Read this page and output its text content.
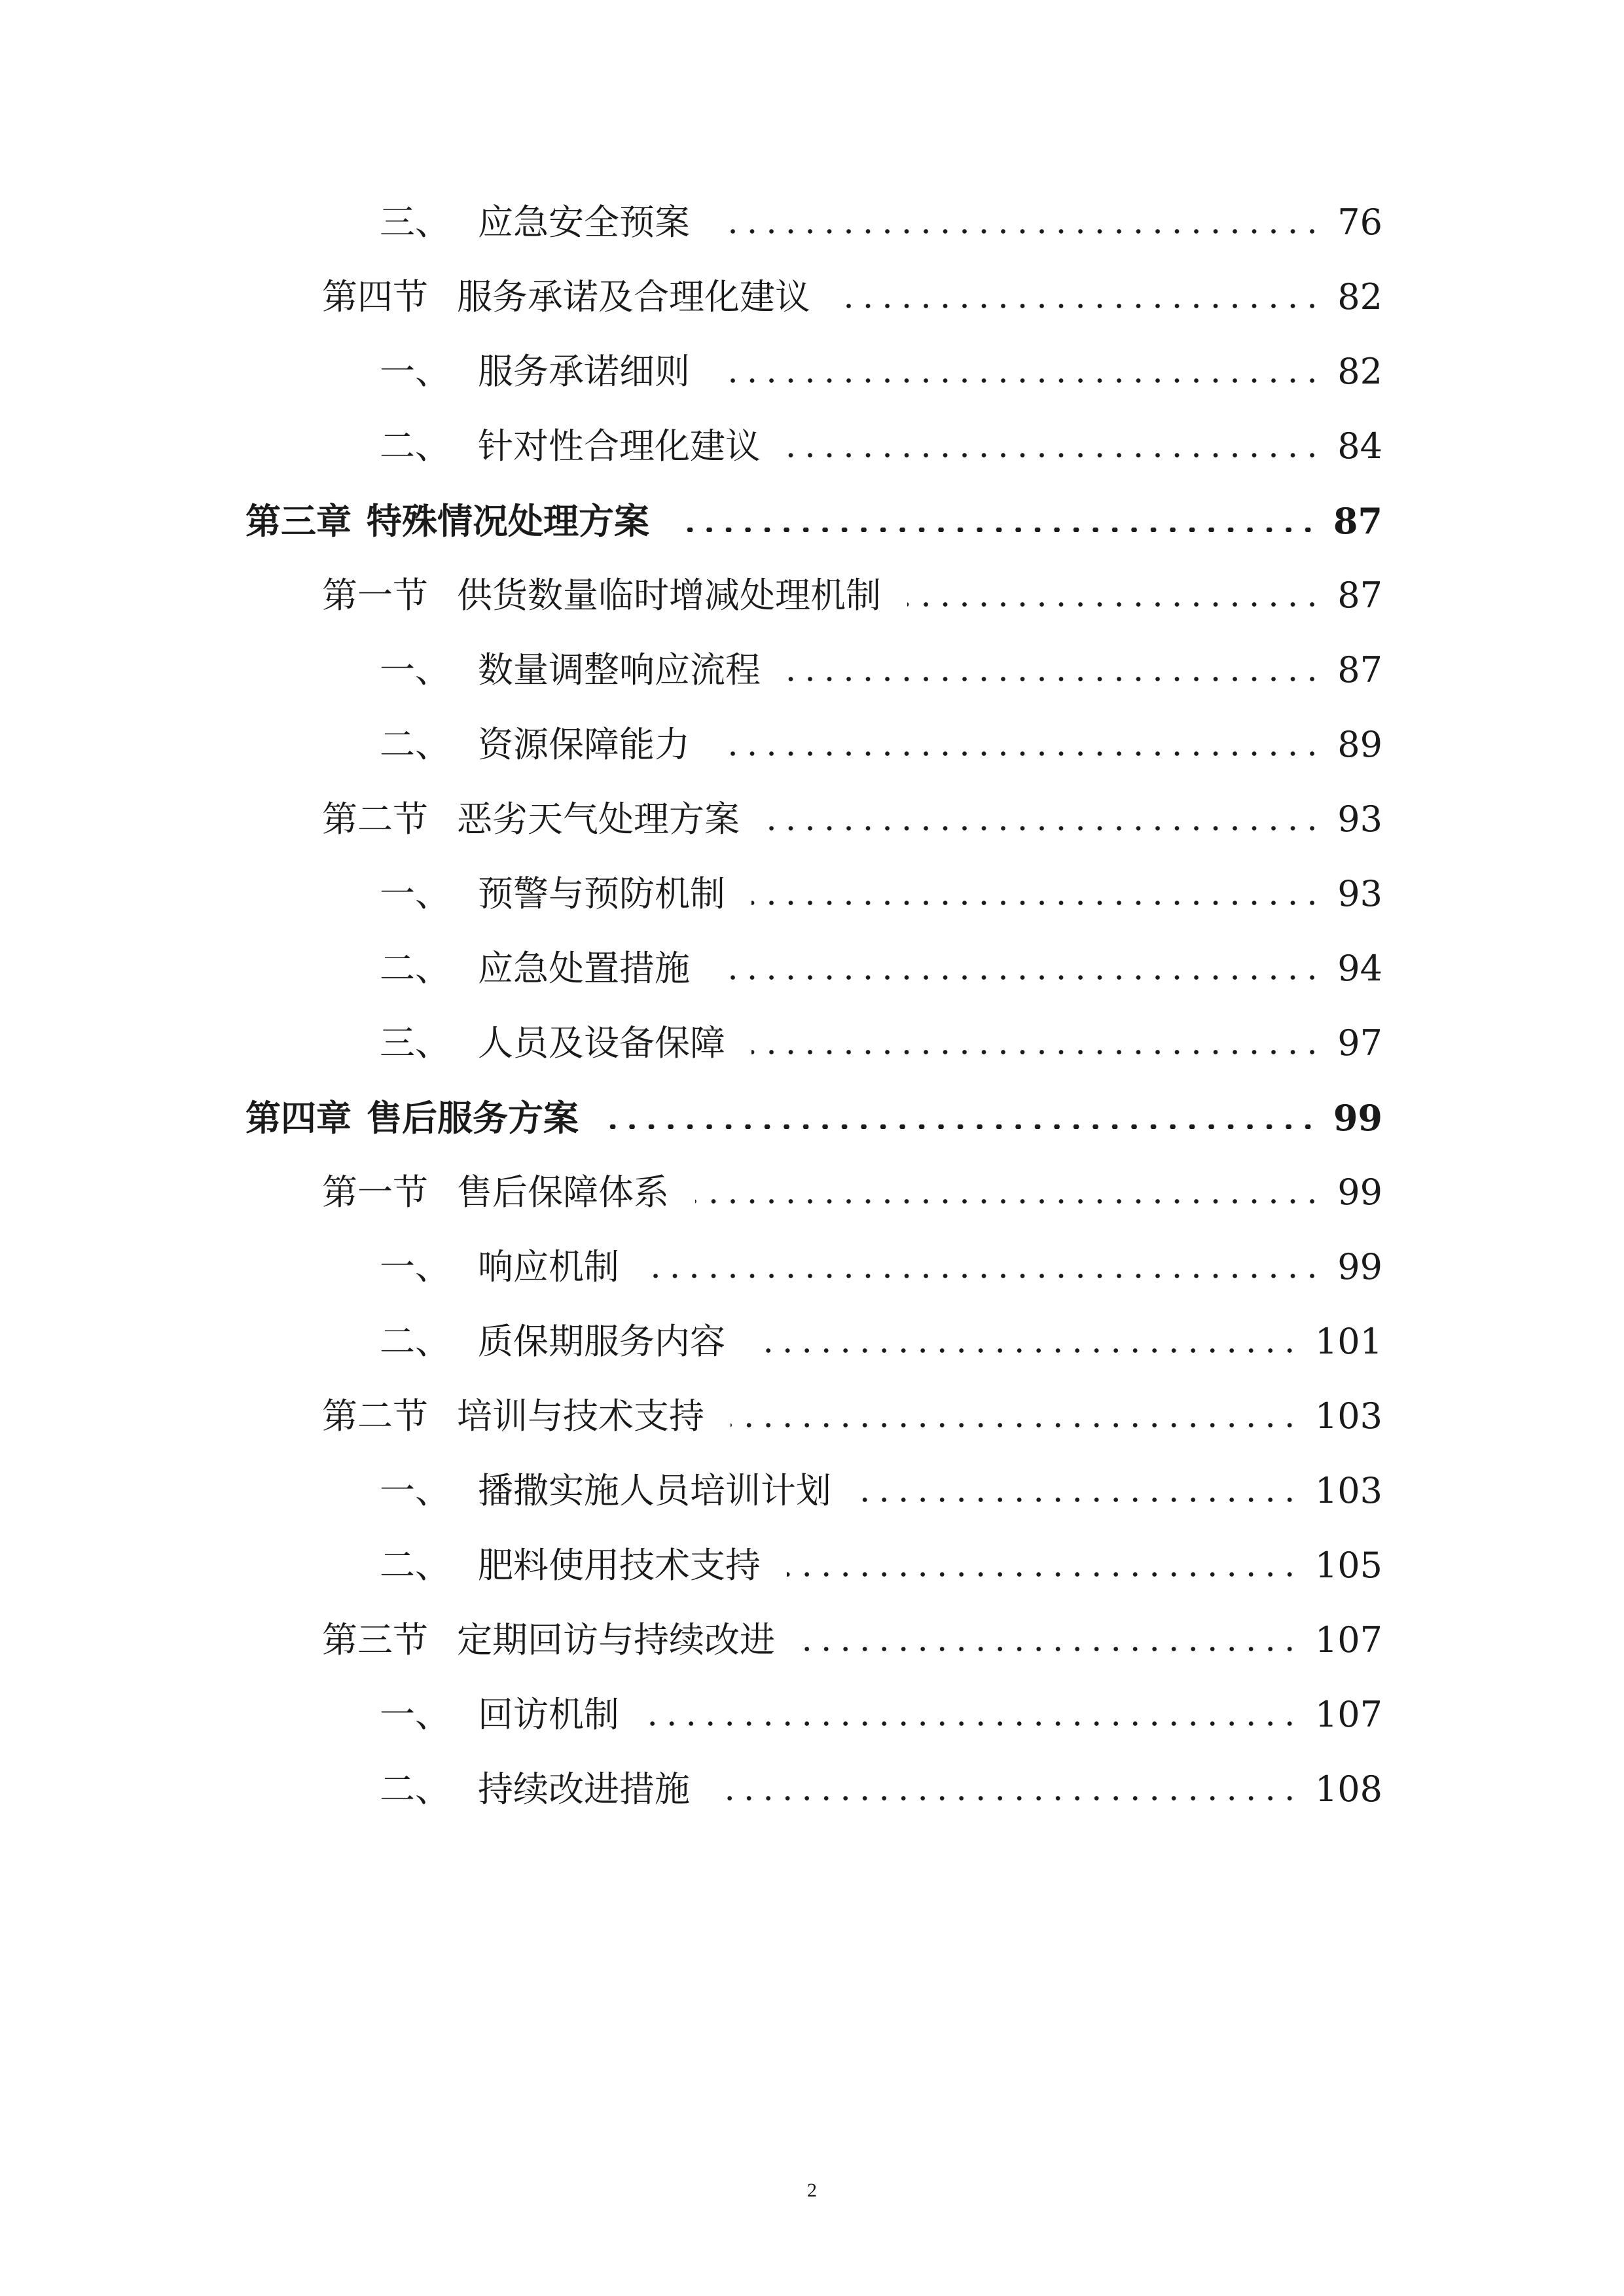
三、 应急安全预案	76
第四节 服务承诺及合理化建议	82
一、 服务承诺细则	82
二、 针对性合理化建议	84
第三章 特殊情况处理方案	87
第一节 供货数量临时增减处理机制	87
一、 数量调整响应流程	87
二、 资源保障能力	89
第二节 恶劣天气处理方案	93
一、 预警与预防机制	93
二、 应急处置措施	94
三、 人员及设备保障	97
第四章 售后服务方案	99
第一节 售后保障体系	99
一、 响应机制	99
二、 质保期服务内容	101
第二节 培训与技术支持	103
一、 播撒实施人员培训计划	103
二、 肥料使用技术支持	105
第三节 定期回访与持续改进	107
一、 回访机制	107
二、 持续改进措施	108
2
